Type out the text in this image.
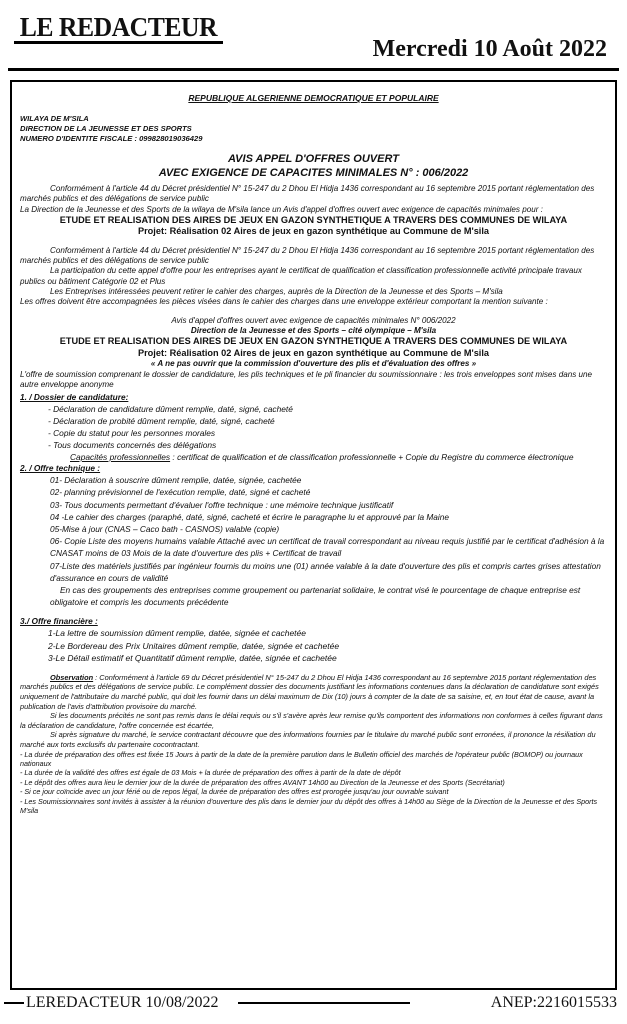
LE REDACTEUR
Mercredi 10 Août 2022
REPUBLIQUE ALGERIENNE DEMOCRATIQUE ET POPULAIRE
WILAYA DE M'SILA
DIRECTION DE LA JEUNESSE ET DES SPORTS
NUMERO D'IDENTITE FISCALE : 099828019036429
AVIS APPEL D'OFFRES OUVERT
AVEC EXIGENCE DE CAPACITES MINIMALES N° : 006/2022
Conformément à l'article 44 du Décret présidentiel N° 15-247 du 2 Dhou El Hidja 1436 correspondant au 16 septembre 2015 portant réglementation des marchés publics et des délégations de service public
La Direction de la Jeunesse et des Sports de la wilaya de M'sila lance un Avis d'appel d'offres ouvert avec exigence de capacités minimales pour :
ETUDE ET REALISATION DES AIRES DE JEUX EN GAZON SYNTHETIQUE A TRAVERS DES COMMUNES DE WILAYA
Projet: Réalisation 02 Aires de jeux en gazon synthétique au Commune de M'sila
Conformément à l'article 44 du Décret présidentiel N° 15-247 du 2 Dhou El Hidja 1436 correspondant au 16 septembre 2015 portant réglementation des marchés publics et des délégations de service public
La participation du cette appel d'offre pour les entreprises ayant le certificat de qualification et classification professionnelle activité principale travaux publics ou bâtiment Catégorie 02 et Plus
Les Entreprises intéressées peuvent retirer le cahier des charges, auprès de la Direction de la Jeunesse et des Sports – M'sila
Les offres doivent être accompagnées les pièces visées dans le cahier des charges dans une enveloppe extérieur comportant la mention suivante :
Avis d'appel d'offres ouvert avec exigence de capacités minimales N° 006/2022
Direction de la Jeunesse et des Sports – cité olympique – M'sila
ETUDE ET REALISATION DES AIRES DE JEUX EN GAZON SYNTHETIQUE A TRAVERS DES COMMUNES DE WILAYA
Projet: Réalisation 02 Aires de jeux en gazon synthétique au Commune de M'sila
« A ne pas ouvrir que la commission d'ouverture des plis et d'évaluation des offres »
L'offre de soumission comprenant le dossier de candidature, les plis techniques et le pli financier du soumissionnaire : les trois enveloppes sont mises dans une autre enveloppe anonyme
1. / Dossier de candidature:
- Déclaration de candidature dûment remplie, daté, signé, cacheté
- Déclaration de probité dûment remplie, daté, signé, cacheté
- Copie du statut pour les personnes morales
- Tous documents concernés des délégations
Capacités professionnelles : certificat de qualification et de classification professionnelle + Copie du Registre du commerce électronique
2. / Offre technique :
01- Déclaration à souscrire dûment remplie, datée, signée, cachetée
02- planning prévisionnel de l'exécution remplie, daté, signé et cacheté
03- Tous documents permettant d'évaluer l'offre technique : une mémoire technique justificatif
04 -Le cahier des charges (paraphé, daté, signé, cacheté et écrire le paragraphe lu et approuvé par la Maine
05-Mise à jour (CNAS – Caco bath - CASNOS) valable (copie)
06- Copie Liste des moyens humains valable Attaché avec un certificat de travail correspondant au niveau requis justifié par le certificat d'adhésion à la CNASAT moins de 03 Mois de la date d'ouverture des plis + Certificat de travail
07-Liste des matériels justifiés par ingénieur fournis du moins une (01) année valable à la date d'ouverture des plis et compris cartes grises attestation d'assurance en cours de validité
En cas des groupements des entreprises comme groupement ou partenariat solidaire, le contrat visé le pourcentage de chaque entreprise est obligatoire et compris les documents précédente
3./ Offre financière :
1-La lettre de soumission dûment remplie, datée, signée et cachetée
2-Le Bordereau des Prix Unitaires dûment remplie, datée, signée et cachetée
3-Le Détail estimatif et Quantitatif dûment remplie, datée, signée et cachetée
Observation : Conformément à l'article 69 du Décret présidentiel N° 15-247 du 2 Dhou El Hidja 1436 correspondant au 16 septembre 2015 portant réglementation des marchés publics et des délégations de service public. Le complément dossier des documents justifiant les informations contenues dans la déclaration de candidature sont exigés uniquement de l'attributaire du marché public, qui doit les fournir dans un délai maximum de Dix (10) jours à compter de la date de sa saisine, et, en tout état de cause, avant la publication de l'avis d'attribution provisoire du marché.
Si les documents précités ne sont pas remis dans le délai requis ou s'il s'avère après leur remise qu'ils comportent des informations non conformes à celles figurant dans la déclaration de candidature, l'offre concernée est écartée,
Si après signature du marché, le service contractant découvre que des informations fournies par le titulaire du marché public sont erronées, il prononce la résiliation du marché aux torts exclusifs du partenaire cocontractant.
- La durée de préparation des offres est fixée 15 Jours à partir de la date de la première parution dans le Bulletin officiel des marchés de l'opérateur public (BOMOP) ou journaux nationaux
- La durée de la validité des offres est égale de 03 Mois + la durée de préparation des offres à partir de la date de dépôt
- Le dépôt des offres aura lieu le dernier jour de la durée de préparation des offres AVANT 14h00 au Direction de la Jeunesse et des Sports (Secrétariat)
- Si ce jour coïncide avec un jour férié ou de repos légal, la durée de préparation des offres est prorogée jusqu'au jour ouvrable suivant
- Les Soumissionnaires sont invités à assister à la réunion d'ouverture des plis dans le dernier jour du dépôt des offres à 14h00 au Siège de la Direction de la Jeunesse et des Sports M'sila
LEREDACTEUR 10/08/2022	ANEP:2216015533
